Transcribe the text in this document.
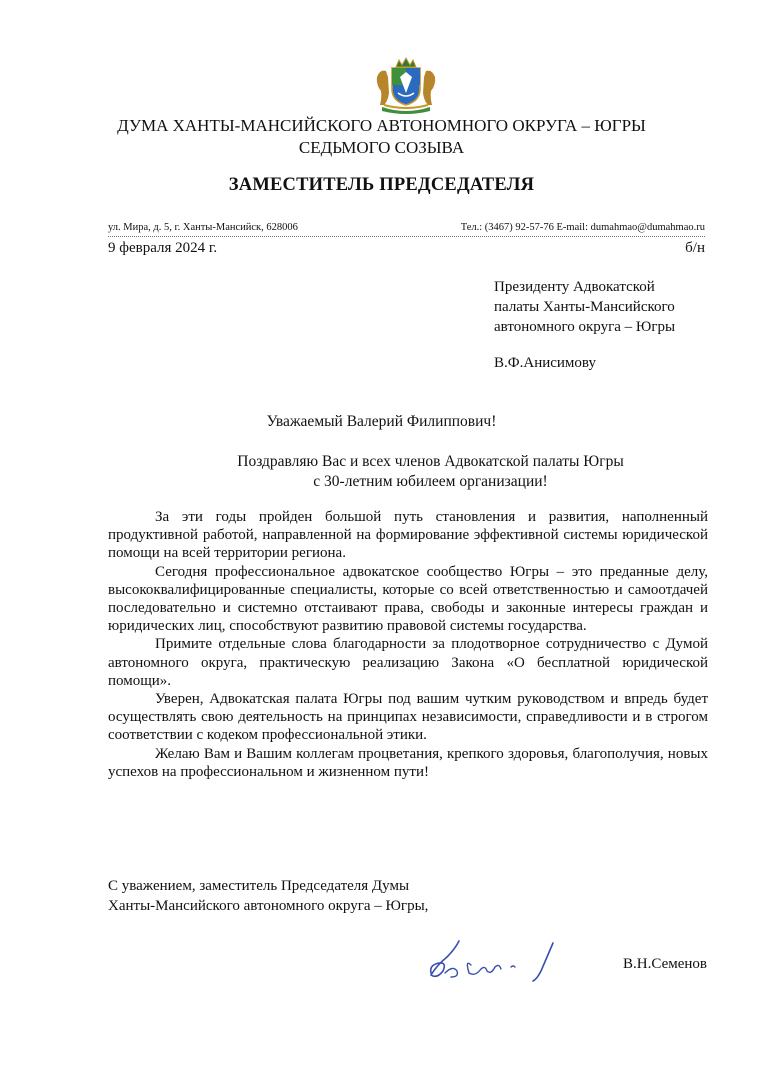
ДУМА ХАНТЫ-МАНСИЙСКОГО АВТОНОМНОГО ОКРУГА – ЮГРЫ
СЕДЬМОГО СОЗЫВА
ЗАМЕСТИТЕЛЬ ПРЕДСЕДАТЕЛЯ
ул. Мира, д. 5, г. Ханты-Мансийск, 628006	Тел.: (3467) 92-57-76 E-mail: dumahmao@dumahmao.ru
9 февраля 2024 г.	б/н
Президенту Адвокатской
палаты Ханты-Мансийского
автономного округа – Югры
В.Ф.Анисимову
Уважаемый Валерий Филиппович!
Поздравляю Вас и всех членов Адвокатской палаты Югры
с 30-летним юбилеем организации!

За эти годы пройден большой путь становления и развития, наполненный продуктивной работой, направленной на формирование эффективной системы юридической помощи на всей территории региона.

Сегодня профессиональное адвокатское сообщество Югры – это преданные делу, высококвалифицированные специалисты, которые со всей ответственностью и самоотдачей последовательно и системно отстаивают права, свободы и законные интересы граждан и юридических лиц, способствуют развитию правовой системы государства.

Примите отдельные слова благодарности за плодотворное сотрудничество с Думой автономного округа, практическую реализацию Закона «О бесплатной юридической помощи».

Уверен, Адвокатская палата Югры под вашим чутким руководством и впредь будет осуществлять свою деятельность на принципах независимости, справедливости и в строгом соответствии с кодеком профессиональной этики.

Желаю Вам и Вашим коллегам процветания, крепкого здоровья, благополучия, новых успехов на профессиональном и жизненном пути!

С уважением, заместитель Председателя Думы
Ханты-Мансийского автономного округа – Югры,
В.Н.Семенов
